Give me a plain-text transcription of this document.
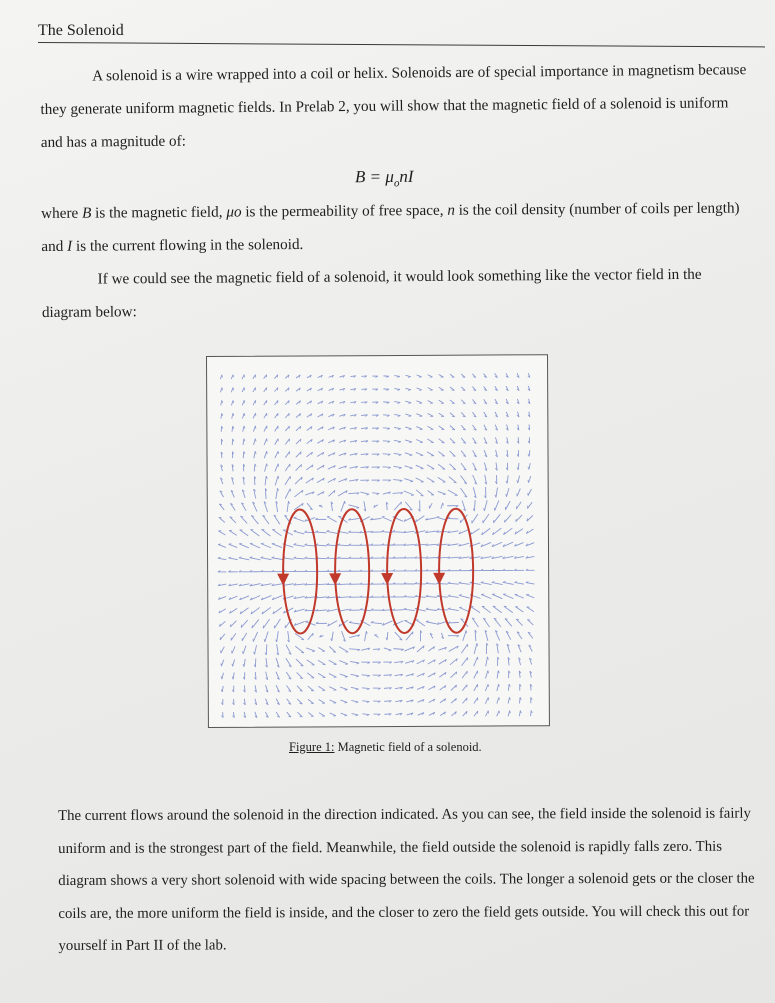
The Solenoid

A solenoid is a wire wrapped into a coil or helix. Solenoids are of special importance in magnetism because they generate uniform magnetic fields. In Prelab 2, you will show that the magnetic field of a solenoid is uniform and has a magnitude of:

$B = \mu_onI$

where B is the magnetic field, μo is the permeability of free space, n is the coil density (number of coils per length) and I is the current flowing in the solenoid.
If we could see the magnetic field of a solenoid, it would look something like the vector field in the diagram below:

Figure 1: Magnetic field of a solenoid.

The current flows around the solenoid in the direction indicated. As you can see, the field inside the solenoid is fairly uniform and is the strongest part of the field. Meanwhile, the field outside the solenoid is rapidly falls zero. This diagram shows a very short solenoid with wide spacing between the coils. The longer a solenoid gets or the closer the coils are, the more uniform the field is inside, and the closer to zero the field gets outside. You will check this out for yourself in Part II of the lab.
